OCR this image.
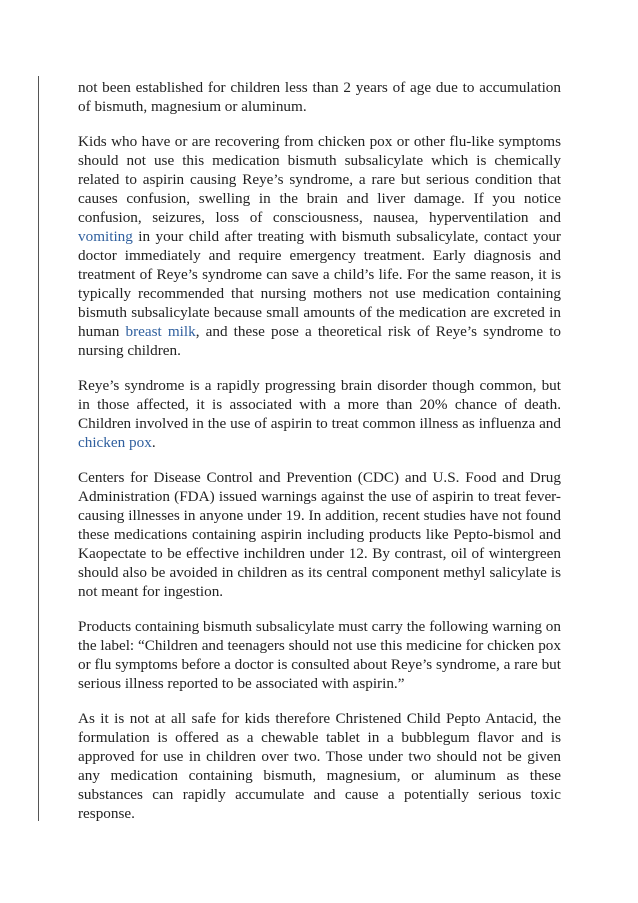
not been established for children less than 2 years of age due to accumulation of bismuth, magnesium or aluminum.

Kids who have or are recovering from chicken pox or other flu-like symptoms should not use this medication bismuth subsalicylate which is chemically related to aspirin causing Reye’s syndrome, a rare but serious condition that causes confusion, swelling in the brain and liver damage. If you notice confusion, seizures, loss of consciousness, nausea, hyperventilation and vomiting in your child after treating with bismuth subsalicylate, contact your doctor immediately and require emergency treatment. Early diagnosis and treatment of Reye’s syndrome can save a child’s life. For the same reason, it is typically recommended that nursing mothers not use medication containing bismuth subsalicylate because small amounts of the medication are excreted in human breast milk, and these pose a theoretical risk of Reye’s syndrome to nursing children.

Reye’s syndrome is a rapidly progressing brain disorder though common, but in those affected, it is associated with a more than 20% chance of death. Children involved in the use of aspirin to treat common illness as influenza and chicken pox.

Centers for Disease Control and Prevention (CDC) and U.S. Food and Drug Administration (FDA) issued warnings against the use of aspirin to treat fever-causing illnesses in anyone under 19. In addition, recent studies have not found these medications containing aspirin including products like Pepto-bismol and Kaopectate to be effective inchildren under 12. By contrast, oil of wintergreen should also be avoided in children as its central component methyl salicylate is not meant for ingestion.

Products containing bismuth subsalicylate must carry the following warning on the label: “Children and teenagers should not use this medicine for chicken pox or flu symptoms before a doctor is consulted about Reye’s syndrome, a rare but serious illness reported to be associated with aspirin.”

As it is not at all safe for kids therefore Christened Child Pepto Antacid, the formulation is offered as a chewable tablet in a bubblegum flavor and is approved for use in children over two. Those under two should not be given any medication containing bismuth, magnesium, or aluminum as these substances can rapidly accumulate and cause a potentially serious toxic response.
